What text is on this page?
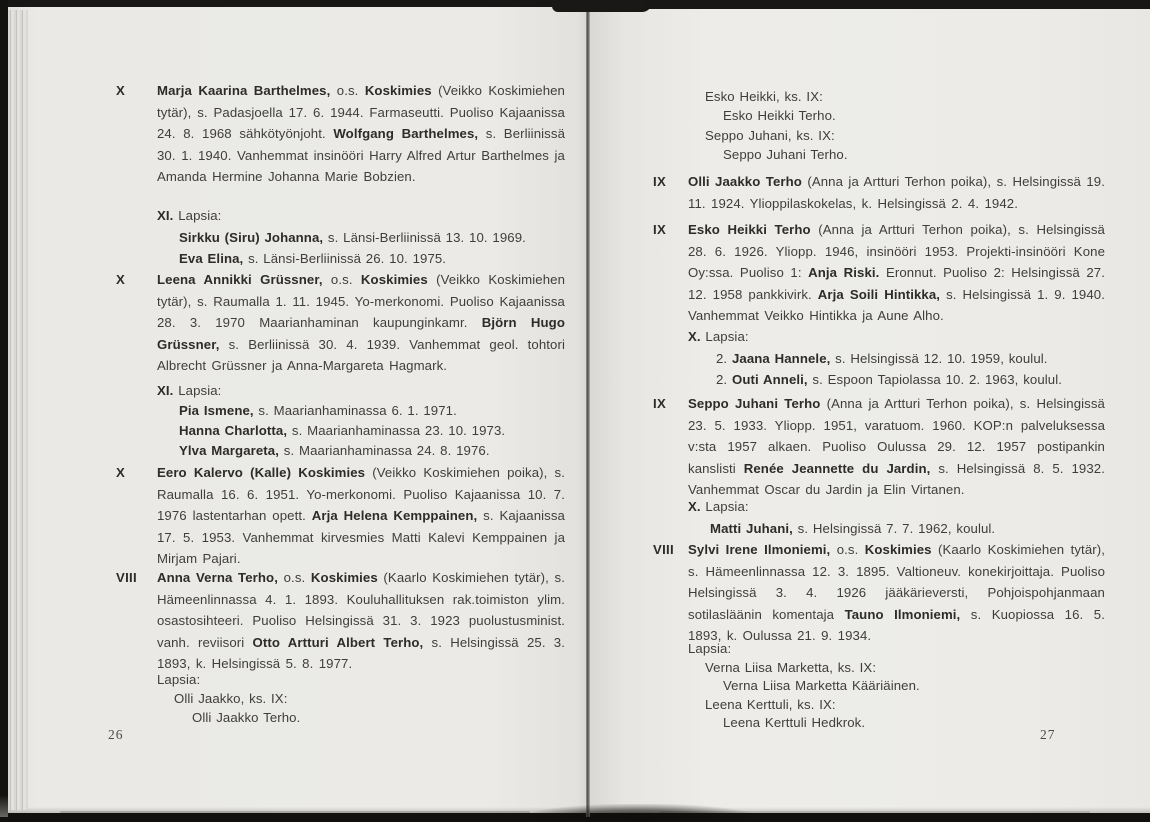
X	Marja Kaarina Barthelmes, o.s. Koskimies (Veikko Koskimiehen tytär), s. Padasjoella 17. 6. 1944. Farmaseutti. Puoliso Kajaanissa 24. 8. 1968 sähkötyönjoht. Wolfgang Barthelmes, s. Berliinissä 30. 1. 1940. Vanhemmat insinööri Harry Alfred Artur Barthelmes ja Amanda Hermine Johanna Marie Bobzien.
XI. Lapsia:
Sirkku (Siru) Johanna, s. Länsi-Berliinissä 13. 10. 1969.
Eva Elina, s. Länsi-Berliinissä 26. 10. 1975.
X	Leena Annikki Grüssner, o.s. Koskimies (Veikko Koskimiehen tytär), s. Raumalla 1. 11. 1945. Yo-merkonomi. Puoliso Kajaanissa 28. 3. 1970 Maarianhaminan kaupunginkamr. Björn Hugo Grüssner, s. Berliinissä 30. 4. 1939. Vanhemmat geol. tohtori Albrecht Grüssner ja Anna-Margareta Hagmark.
XI. Lapsia:
Pia Ismene, s. Maarianhaminassa 6. 1. 1971.
Hanna Charlotta, s. Maarianhaminassa 23. 10. 1973.
Ylva Margareta, s. Maarianhaminassa 24. 8. 1976.
X	Eero Kalervo (Kalle) Koskimies (Veikko Koskimiehen poika), s. Raumalla 16. 6. 1951. Yo-merkonomi. Puoliso Kajaanissa 10. 7. 1976 lastentarhan opett. Arja Helena Kemppainen, s. Kajaanissa 17. 5. 1953. Vanhemmat kirvesmies Matti Kalevi Kemppainen ja Mirjam Pajari.
VIII	Anna Verna Terho, o.s. Koskimies (Kaarlo Koskimiehen tytär), s. Hämeenlinnassa 4. 1. 1893. Kouluhallituksen rak.toimiston ylim. osastosihteeri. Puoliso Helsingissä 31. 3. 1923 puolustusminist. vanh. reviisori Otto Artturi Albert Terho, s. Helsingissä 25. 3. 1893, k. Helsingissä 5. 8. 1977.
Lapsia:
Olli Jaakko, ks. IX:
Olli Jaakko Terho.
26
Esko Heikki, ks. IX:
Esko Heikki Terho.
Seppo Juhani, ks. IX:
Seppo Juhani Terho.
IX	Olli Jaakko Terho (Anna ja Artturi Terhon poika), s. Helsingissä 19. 11. 1924. Ylioppilaskokelas, k. Helsingissä 2. 4. 1942.
IX	Esko Heikki Terho (Anna ja Artturi Terhon poika), s. Helsingissä 28. 6. 1926. Yliopp. 1946, insinööri 1953. Projekti-insinööri Kone Oy:ssa. Puoliso 1: Anja Riski. Eronnut. Puoliso 2: Helsingissä 27. 12. 1958 pankkivirk. Arja Soili Hintikka, s. Helsingissä 1. 9. 1940. Vanhemmat Veikko Hintikka ja Aune Alho.
X. Lapsia:
2. Jaana Hannele, s. Helsingissä 12. 10. 1959, koulul.
2. Outi Anneli, s. Espoon Tapiolassa 10. 2. 1963, koulul.
IX	Seppo Juhani Terho (Anna ja Artturi Terhon poika), s. Helsingissä 23. 5. 1933. Yliopp. 1951, varatuom. 1960. KOP:n palveluksessa v:sta 1957 alkaen. Puoliso Oulussa 29. 12. 1957 postipankin kanslisti Renée Jeannette du Jardin, s. Helsingissä 8. 5. 1932. Vanhemmat Oscar du Jardin ja Elin Virtanen.
X. Lapsia:
Matti Juhani, s. Helsingissä 7. 7. 1962, koulul.
VIII	Sylvi Irene Ilmoniemi, o.s. Koskimies (Kaarlo Koskimiehen tytär), s. Hämeenlinnassa 12. 3. 1895. Valtioneuv. konekirjoittaja. Puoliso Helsingissä 3. 4. 1926 jääkärieversti, Pohjoispohjanmaan sotilasläänin komentaja Tauno Ilmoniemi, s. Kuopiossa 16. 5. 1893, k. Oulussa 21. 9. 1934.
Lapsia:
Verna Liisa Marketta, ks. IX:
Verna Liisa Marketta Kääriäinen.
Leena Kerttuli, ks. IX:
Leena Kerttuli Hedkrok.
27
